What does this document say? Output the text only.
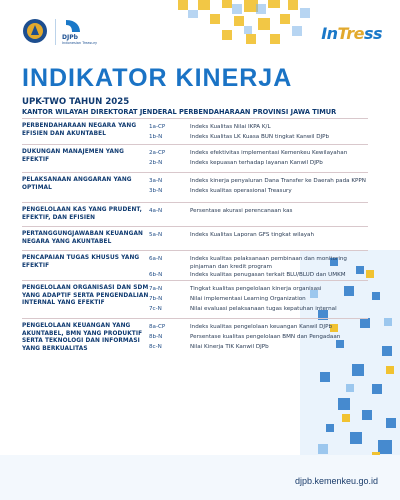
DJPb
Indonesian Treasury	InTress
INDIKATOR KINERJA
UPK-TWO TAHUN 2025
KANTOR WILAYAH DIREKTORAT JENDERAL PERBENDAHARAAN PROVINSI JAWA TIMUR
PERBENDAHARAAN NEGARA YANG EFISIEN DAN AKUNTABEL
1a-CP	Indeks Kualitas Nilai IKPA K/L
1b-N	Indeks Kualitas LK Kuasa BUN tingkat Kanwil DJPb
DUKUNGAN MANAJEMEN YANG EFEKTIF
2a-CP	Indeks efektivitas implementasi Kemenkeu Kewilayahan
2b-N	Indeks kepuasan terhadap layanan Kanwil DJPb
PELAKSANAAN ANGGARAN YANG OPTIMAL
3a-N	Indeks kinerja penyaluran Dana Transfer ke Daerah pada KPPN
3b-N	Indeks kualitas operasional Treasury
PENGELOLAAN KAS YANG PRUDENT, EFEKTIF, DAN EFISIEN
4a-N	Persentase akurasi perencanaan kas
PERTANGGUNGJAWABAN KEUANGAN NEGARA YANG AKUNTABEL
5a-N	Indeks Kualitas Laporan GFS tingkat wilayah
PENCAPAIAN TUGAS KHUSUS YANG EFEKTIF
6a-N	Indeks kualitas pelaksanaan pembinaan dan monitoring pinjaman dan kredit program
6b-N	Indeks kualitas penugasan terkait BLU/BLUD dan UMKM
PENGELOLAAN ORGANISASI DAN SDM YANG ADAPTIF SERTA PENGENDALIAN INTERNAL YANG EFEKTIF
7a-N	Tingkat kualitas pengelolaan kinerja organisasi
7b-N	Nilai implementasi Learning Organization
7c-N	Nilai evaluasi pelaksanaan tugas kepatuhan internal
PENGELOLAAN KEUANGAN YANG AKUNTABEL, BMN YANG PRODUKTIF SERTA TEKNOLOGI DAN INFORMASI YANG BERKUALITAS
8a-CP	Indeks kualitas pengelolaan keuangan Kanwil DJPb
8b-N	Persentase kualitas pengelolaan BMN dan Pengadaan
8c-N	Nilai Kinerja TIK Kanwil DJPb
djpb.kemenkeu.go.id
